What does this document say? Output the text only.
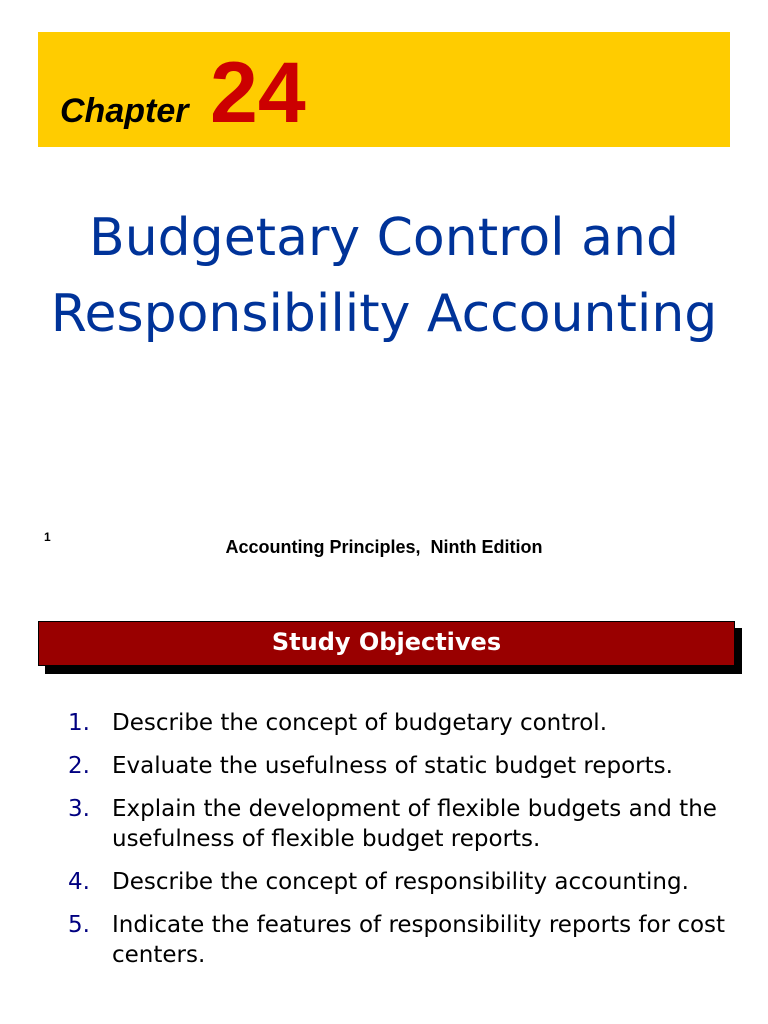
Chapter 24
Budgetary Control and
Responsibility Accounting
1	Accounting Principles,  Ninth Edition
Study Objectives
1. Describe the concept of budgetary control.
2. Evaluate the usefulness of static budget reports.
3. Explain the development of flexible budgets and the usefulness of flexible budget reports.
4. Describe the concept of responsibility accounting.
5. Indicate the features of responsibility reports for cost centers.
